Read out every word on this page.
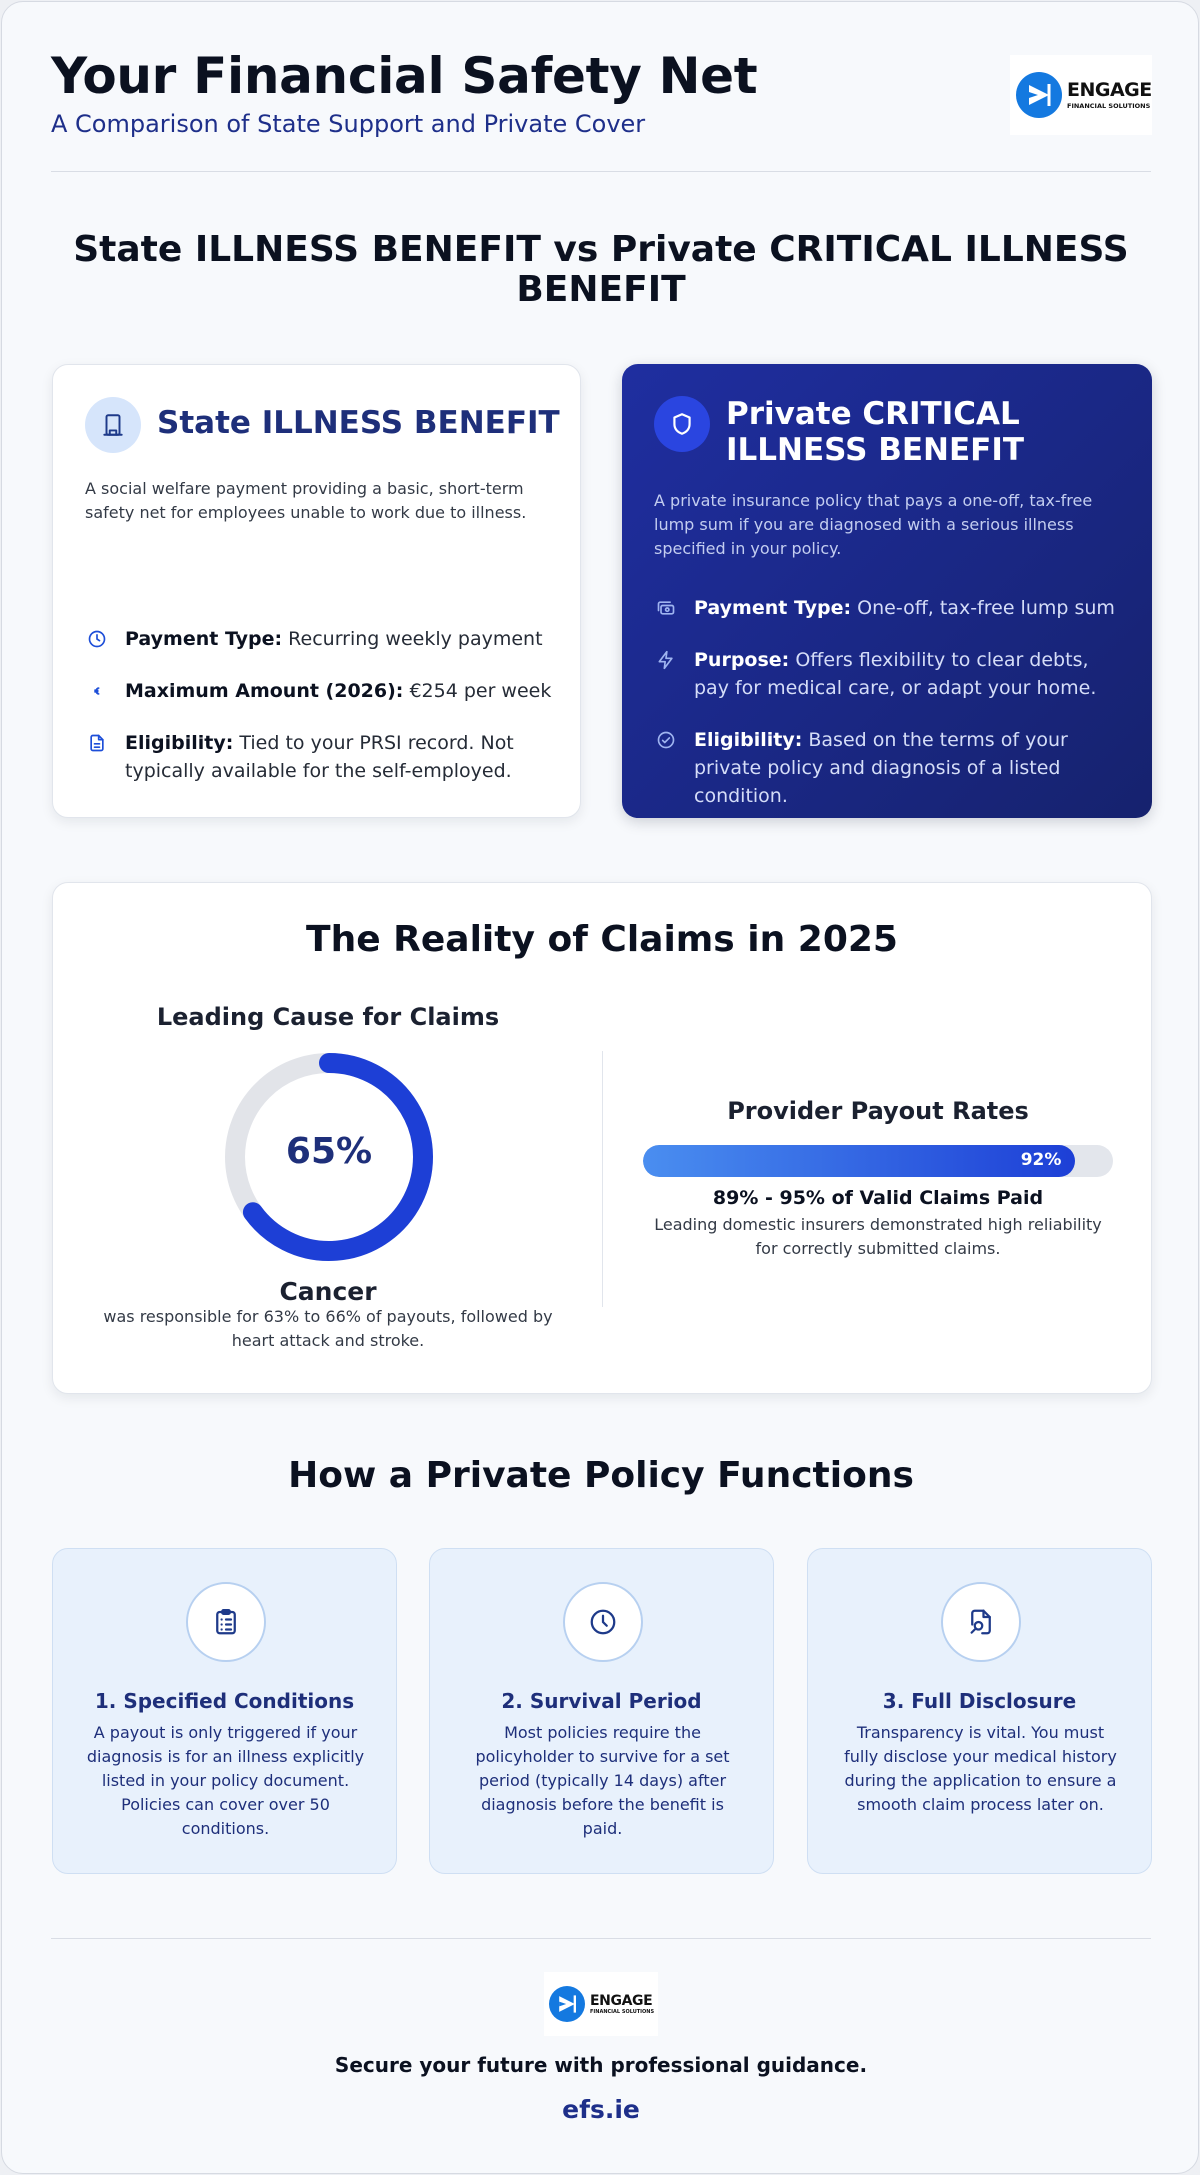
Your Financial Safety Net
A Comparison of State Support and Private Cover
ENGAGE
FINANCIAL SOLUTIONS
State ILLNESS BENEFIT vs Private CRITICAL ILLNESS BENEFIT
State ILLNESS BENEFIT
A social welfare payment providing a basic, short-term safety net for employees unable to work due to illness.
Payment Type: Recurring weekly payment
Maximum Amount (2026): €254 per week
Eligibility: Tied to your PRSI record. Not typically available for the self-employed.
Private CRITICAL ILLNESS BENEFIT
A private insurance policy that pays a one-off, tax-free lump sum if you are diagnosed with a serious illness specified in your policy.
Payment Type: One-off, tax-free lump sum
Purpose: Offers flexibility to clear debts, pay for medical care, or adapt your home.
Eligibility: Based on the terms of your private policy and diagnosis of a listed condition.
The Reality of Claims in 2025
Leading Cause for Claims
65%
Cancer
was responsible for 63% to 66% of payouts, followed by heart attack and stroke.
Provider Payout Rates
92%
89% - 95% of Valid Claims Paid
Leading domestic insurers demonstrated high reliability for correctly submitted claims.
How a Private Policy Functions
1. Specified Conditions
A payout is only triggered if your diagnosis is for an illness explicitly listed in your policy document. Policies can cover over 50 conditions.
2. Survival Period
Most policies require the policyholder to survive for a set period (typically 14 days) after diagnosis before the benefit is paid.
3. Full Disclosure
Transparency is vital. You must fully disclose your medical history during the application to ensure a smooth claim process later on.
ENGAGE
FINANCIAL SOLUTIONS
Secure your future with professional guidance.
efs.ie
